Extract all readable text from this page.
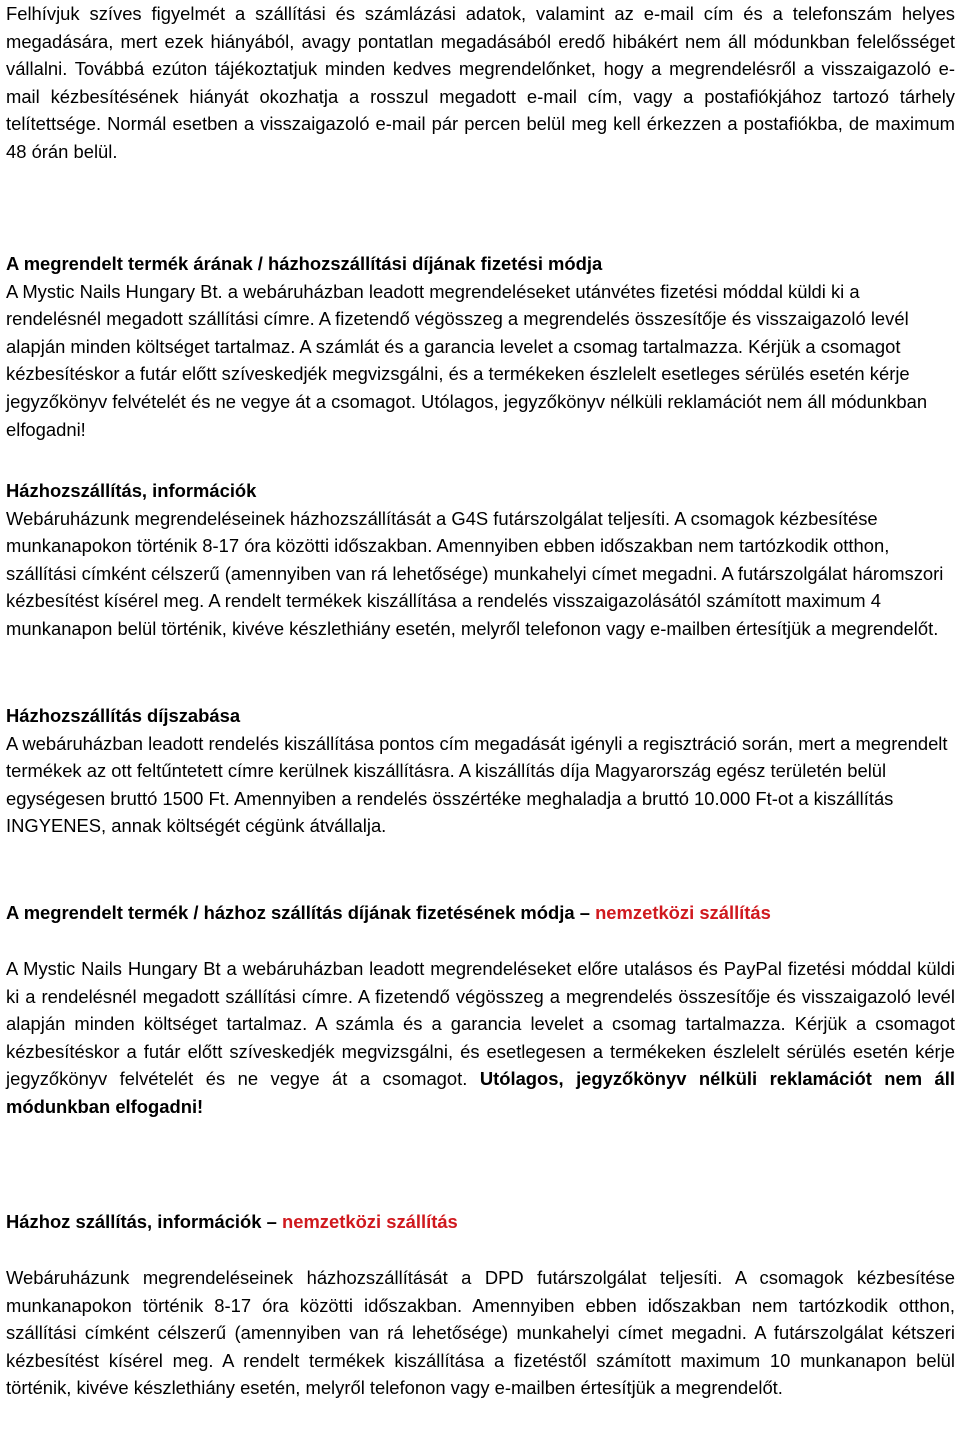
Felhívjuk szíves figyelmét a szállítási és számlázási adatok, valamint az e-mail cím és a telefonszám helyes megadására, mert ezek hiányából, avagy pontatlan megadásából eredő hibákért nem áll módunkban felelősséget vállalni. Továbbá ezúton tájékoztatjuk minden kedves megrendelőnket, hogy a megrendelésről a visszaigazoló e-mail kézbesítésének hiányát okozhatja a rosszul megadott e-mail cím, vagy a postafiókjához tartozó tárhely telítettsége. Normál esetben a visszaigazoló e-mail pár percen belül meg kell érkezzen a postafiókba, de maximum 48 órán belül.

A megrendelt termék árának / házhozszállítási díjának fizetési módja

A Mystic Nails Hungary Bt. a webáruházban leadott megrendeléseket utánvétes fizetési móddal küldi ki a rendelésnél megadott szállítási címre. A fizetendő végösszeg a megrendelés összesítője és visszaigazoló levél alapján minden költséget tartalmaz. A számlát és a garancia levelet a csomag tartalmazza. Kérjük a csomagot kézbesítéskor a futár előtt szíveskedjék megvizsgálni, és a termékeken észlelelt esetleges sérülés esetén kérje jegyzőkönyv felvételét és ne vegye át a csomagot. Utólagos, jegyzőkönyv nélküli reklamációt nem áll módunkban elfogadni!

Házhozszállítás, információk

Webáruházunk megrendeléseinek házhozszállítását a G4S futárszolgálat teljesíti. A csomagok kézbesítése munkanapokon történik 8-17 óra közötti időszakban. Amennyiben ebben időszakban nem tartózkodik otthon, szállítási címként célszerű (amennyiben van rá lehetősége) munkahelyi címet megadni. A futárszolgálat háromszori kézbesítést kísérel meg. A rendelt termékek kiszállítása a rendelés visszaigazolásától számított maximum 4 munkanapon belül történik, kivéve készlethiány esetén, melyről telefonon vagy e-mailben értesítjük a megrendelőt.

Házhozszállítás díjszabása

A webáruházban leadott rendelés kiszállítása pontos cím megadását igényli a regisztráció során, mert a megrendelt termékek az ott feltűntetett címre kerülnek kiszállításra. A kiszállítás díja Magyarország egész területén belül egységesen bruttó 1500 Ft. Amennyiben a rendelés összértéke meghaladja a bruttó 10.000 Ft-ot a kiszállítás INGYENES, annak költségét cégünk átvállalja.

A megrendelt termék / házhoz szállítás díjának fizetésének módja – nemzetközi szállítás

A Mystic Nails Hungary Bt a webáruházban leadott megrendeléseket előre utalásos és PayPal fizetési móddal küldi ki a rendelésnél megadott szállítási címre. A fizetendő végösszeg a megrendelés összesítője és visszaigazoló levél alapján minden költséget tartalmaz. A számla és a garancia levelet a csomag tartalmazza. Kérjük a csomagot kézbesítéskor a futár előtt szíveskedjék megvizsgálni, és esetlegesen a termékeken észlelelt sérülés esetén kérje jegyzőkönyv felvételét és ne vegye át a csomagot. Utólagos, jegyzőkönyv nélküli reklamációt nem áll módunkban elfogadni!

Házhoz szállítás, információk – nemzetközi szállítás

Webáruházunk megrendeléseinek házhozszállítását a DPD futárszolgálat teljesíti. A csomagok kézbesítése munkanapokon történik 8-17 óra közötti időszakban. Amennyiben ebben időszakban nem tartózkodik otthon, szállítási címként célszerű (amennyiben van rá lehetősége) munkahelyi címet megadni. A futárszolgálat kétszeri kézbesítést kísérel meg. A rendelt termékek kiszállítása a fizetéstől számított maximum 10 munkanapon belül történik, kivéve készlethiány esetén, melyről telefonon vagy e-mailben értesítjük a megrendelőt.
